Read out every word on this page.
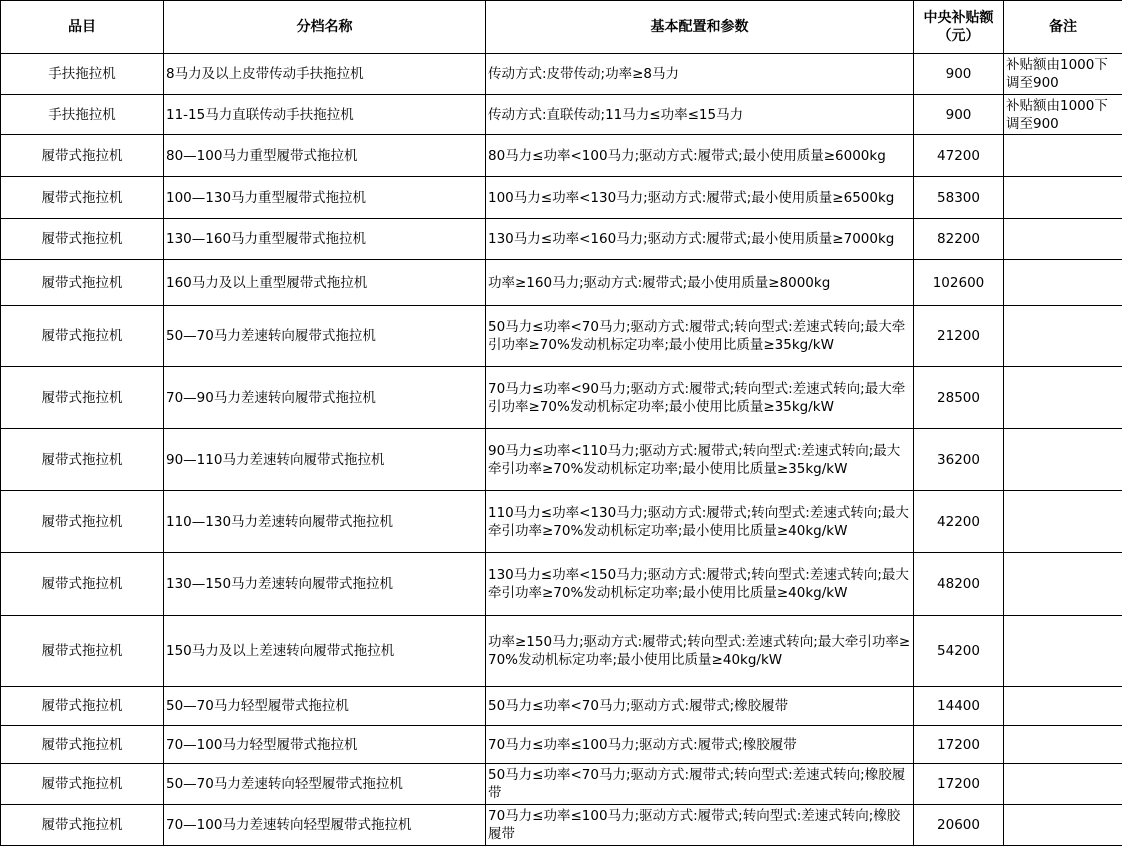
品目	分档名称	基本配置和参数	中央补贴额（元）	备注
手扶拖拉机	8马力及以上皮带传动手扶拖拉机	传动方式:皮带传动;功率≥8马力	900	补贴额由1000下调至900
手扶拖拉机	11-15马力直联传动手扶拖拉机	传动方式:直联传动;11马力≤功率≤15马力	900	补贴额由1000下调至900
履带式拖拉机	80—100马力重型履带式拖拉机	80马力≤功率<100马力;驱动方式:履带式;最小使用质量≥6000kg	47200	
履带式拖拉机	100—130马力重型履带式拖拉机	100马力≤功率<130马力;驱动方式:履带式;最小使用质量≥6500kg	58300	
履带式拖拉机	130—160马力重型履带式拖拉机	130马力≤功率<160马力;驱动方式:履带式;最小使用质量≥7000kg	82200	
履带式拖拉机	160马力及以上重型履带式拖拉机	功率≥160马力;驱动方式:履带式;最小使用质量≥8000kg	102600	
履带式拖拉机	50—70马力差速转向履带式拖拉机	50马力≤功率<70马力;驱动方式:履带式;转向型式:差速式转向;最大牵引功率≥70%发动机标定功率;最小使用比质量≥35kg/kW	21200	
履带式拖拉机	70—90马力差速转向履带式拖拉机	70马力≤功率<90马力;驱动方式:履带式;转向型式:差速式转向;最大牵引功率≥70%发动机标定功率;最小使用比质量≥35kg/kW	28500	
履带式拖拉机	90—110马力差速转向履带式拖拉机	90马力≤功率<110马力;驱动方式:履带式;转向型式:差速式转向;最大牵引功率≥70%发动机标定功率;最小使用比质量≥35kg/kW	36200	
履带式拖拉机	110—130马力差速转向履带式拖拉机	110马力≤功率<130马力;驱动方式:履带式;转向型式:差速式转向;最大牵引功率≥70%发动机标定功率;最小使用比质量≥40kg/kW	42200	
履带式拖拉机	130—150马力差速转向履带式拖拉机	130马力≤功率<150马力;驱动方式:履带式;转向型式:差速式转向;最大牵引功率≥70%发动机标定功率;最小使用比质量≥40kg/kW	48200	
履带式拖拉机	150马力及以上差速转向履带式拖拉机	功率≥150马力;驱动方式:履带式;转向型式:差速式转向;最大牵引功率≥70%发动机标定功率;最小使用比质量≥40kg/kW	54200	
履带式拖拉机	50—70马力轻型履带式拖拉机	50马力≤功率<70马力;驱动方式:履带式;橡胶履带	14400	
履带式拖拉机	70—100马力轻型履带式拖拉机	70马力≤功率≤100马力;驱动方式:履带式;橡胶履带	17200	
履带式拖拉机	50—70马力差速转向轻型履带式拖拉机	50马力≤功率<70马力;驱动方式:履带式;转向型式:差速式转向;橡胶履带	17200	
履带式拖拉机	70—100马力差速转向轻型履带式拖拉机	70马力≤功率≤100马力;驱动方式:履带式;转向型式:差速式转向;橡胶履带	20600	
